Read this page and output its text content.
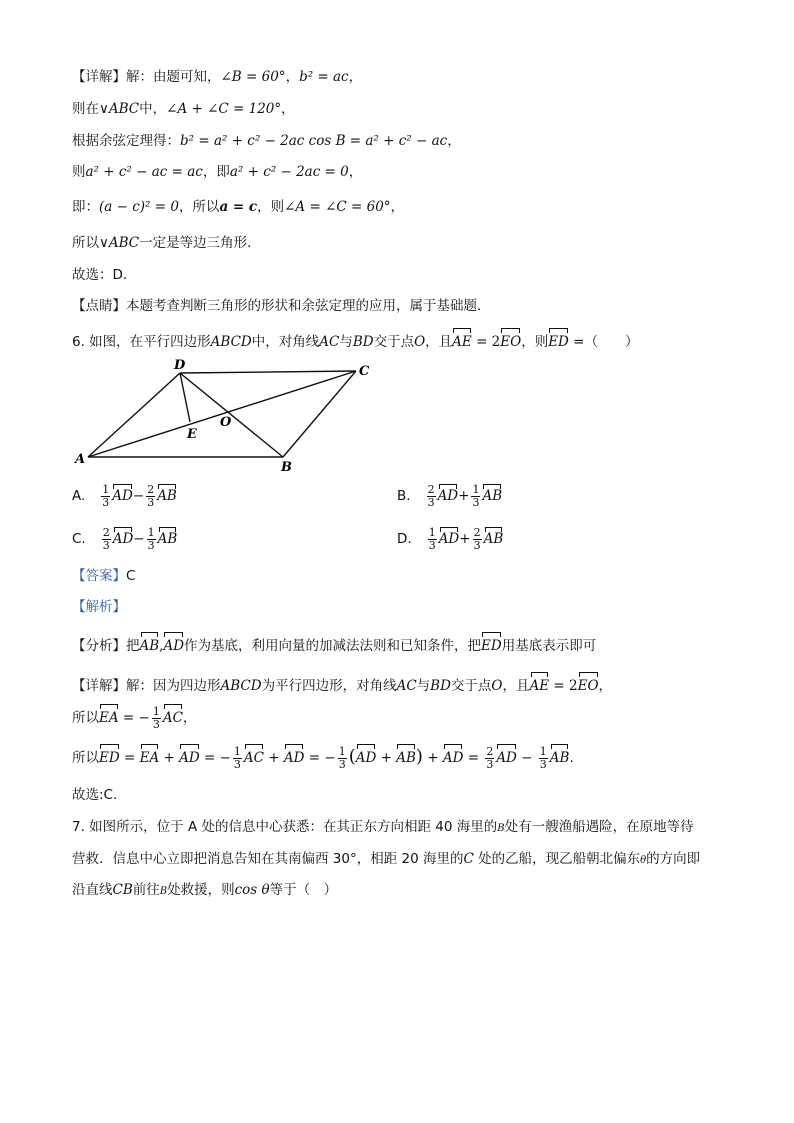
【详解】解：由题可知，∠B = 60°，b² = ac，
则在∨ABC中，∠A + ∠C = 120°，
根据余弦定理得：b² = a² + c² − 2ac cos B = a² + c² − ac，
则a² + c² − ac = ac，即a² + c² − 2ac = 0，
即：(a − c)² = 0，所以a = c，则∠A = ∠C = 60°，
所以∨ABC一定是等边三角形.
故选：D.
【点睛】本题考查判断三角形的形状和余弦定理的应用，属于基础题.
6. 如图，在平行四边形ABCD中，对角线AC与BD交于点O，且AE = 2EO，则ED =（　　）
D	C
O
E
A
B
A. $\frac{1}{3} AD- \frac{2}{3}$ AB	B. $\frac{2}{3} AD+ \frac{1}{3}$ AB
C. $\frac{2}{3} AD- \frac{1}{3}$ AB	D. $\frac{1}{3} AD+ \frac{2}{3}$ AB
【答案】C
【解析】
【分析】把AB,AD作为基底，利用向量的加减法法则和已知条件，把ED用基底表示即可
【详解】解：因为四边形ABCD为平行四边形，对角线AC与BD交于点O，且AE = 2EO，
所以EA = − $\frac{1}{3}$ AC，
所以ED = EA + AD = − $\frac{1}{3}$ AC + AD = − $\frac{1}{3} (AD + AB)$ + AD = $\frac{2}{3}$ AD − $\frac{1}{3}$ AB.
故选:C.
7. 如图所示，位于 A 处的信息中心获悉：在其正东方向相距 40 海里的B处有一艘渔船遇险，在原地等待
营救．信息中心立即把消息告知在其南偏西 30°，相距 20 海里的C 处的乙船，现乙船朝北偏东θ的方向即
沿直线CB前往B处救援，则cos θ等于（　）
